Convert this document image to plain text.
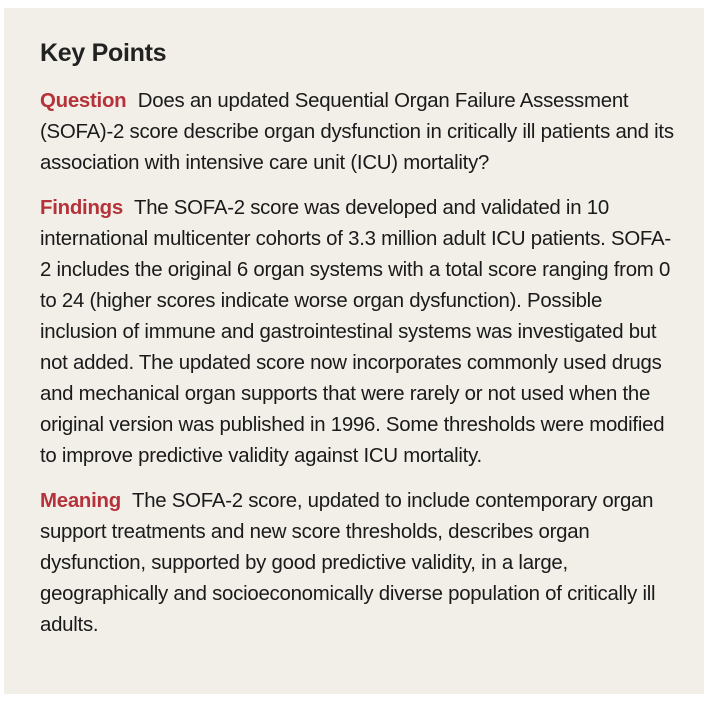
Key Points

Question Does an updated Sequential Organ Failure Assessment (SOFA)-2 score describe organ dysfunction in critically ill patients and its association with intensive care unit (ICU) mortality?

Findings The SOFA-2 score was developed and validated in 10 international multicenter cohorts of 3.3 million adult ICU patients. SOFA-2 includes the original 6 organ systems with a total score ranging from 0 to 24 (higher scores indicate worse organ dysfunction). Possible inclusion of immune and gastrointestinal systems was investigated but not added. The updated score now incorporates commonly used drugs and mechanical organ supports that were rarely or not used when the original version was published in 1996. Some thresholds were modified to improve predictive validity against ICU mortality.

Meaning The SOFA-2 score, updated to include contemporary organ support treatments and new score thresholds, describes organ dysfunction, supported by good predictive validity, in a large, geographically and socioeconomically diverse population of critically ill adults.
